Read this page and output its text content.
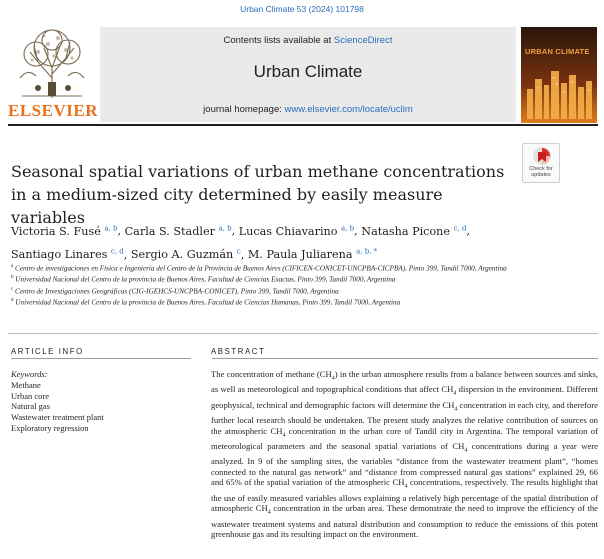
Urban Climate 53 (2024) 101798
ELSEVIER
Contents lists available at ScienceDirect
Urban Climate
journal homepage: www.elsevier.com/locate/uclim
URBAN CLIMATE
Seasonal spatial variations of urban methane concentrations in a medium-sized city determined by easily measure variables
Check for updates
Victoria S. Fusé $^{a, b}$, Carla S. Stadler $^{a, b}$, Lucas Chiavarino $^{a, b}$, Natasha Picone $^{c, d}$,
Santiago Linares $^{c, d}$, Sergio A. Guzmán $^c$, M. Paula Juliarena $^{a, b, *}$
$^a$ Centro de investigaciones en Física e Ingeniería del Centro de la Provincia de Buenos Aires (CIFICEN-CONICET-UNCPBA-CICPBA), Pinto 399, Tandil 7000, Argentina
$^b$ Universidad Nacional del Centro de la provincia de Buenos Aires, Facultad de Ciencias Exactas, Pinto 399, Tandil 7000, Argentina
$^c$ Centro de Investigaciones Geográficas (CIG-IGEHCS-UNCPBA-CONICET), Pinto 399, Tandil 7000, Argentina
$^d$ Universidad Nacional del Centro de la provincia de Buenos Aires, Facultad de Ciencias Humanas, Pinto 399, Tandil 7000, Argentina
ARTICLE INFO
Keywords:
Methane
Urban core
Natural gas
Wastewater treatment plant
Exploratory regression
ABSTRACT
The concentration of methane $(CH_4)$ in the urban atmosphere results from a balance between sources and sinks, as well as meteorological and topographical conditions that affect $CH_4$ dispersion in the environment. Different geophysical, technical and demographic factors will determine the $CH_4$ concentration in each city, and therefore further local research should be undertaken. The present study analyzes the relative contribution of sources on the atmospheric $CH_4$ concentration in the urban core of Tandil city in Argentina. The temporal variation of meteorological parameters and the seasonal spatial variations of $CH_4$ concentrations during a year were analyzed. In 9 of the sampling sites, the variables “distance from the wastewater treatment plant”, “homes connected to the natural gas network” and “distance from compressed natural gas stations” explained 29, 66 and 65% of the spatial variation of the atmospheric $CH_4$ concentrations, respectively. The results highlight that the use of easily measured variables allows explaining a relatively high percentage of the spatial distribution of atmospheric $CH_4$ concentration in the urban area. These demonstrate the need to improve the efficiency of the wastewater treatment systems and natural distribution and consumption to reduce the emissions of this potent greenhouse gas and its resulting impact on the environment.
